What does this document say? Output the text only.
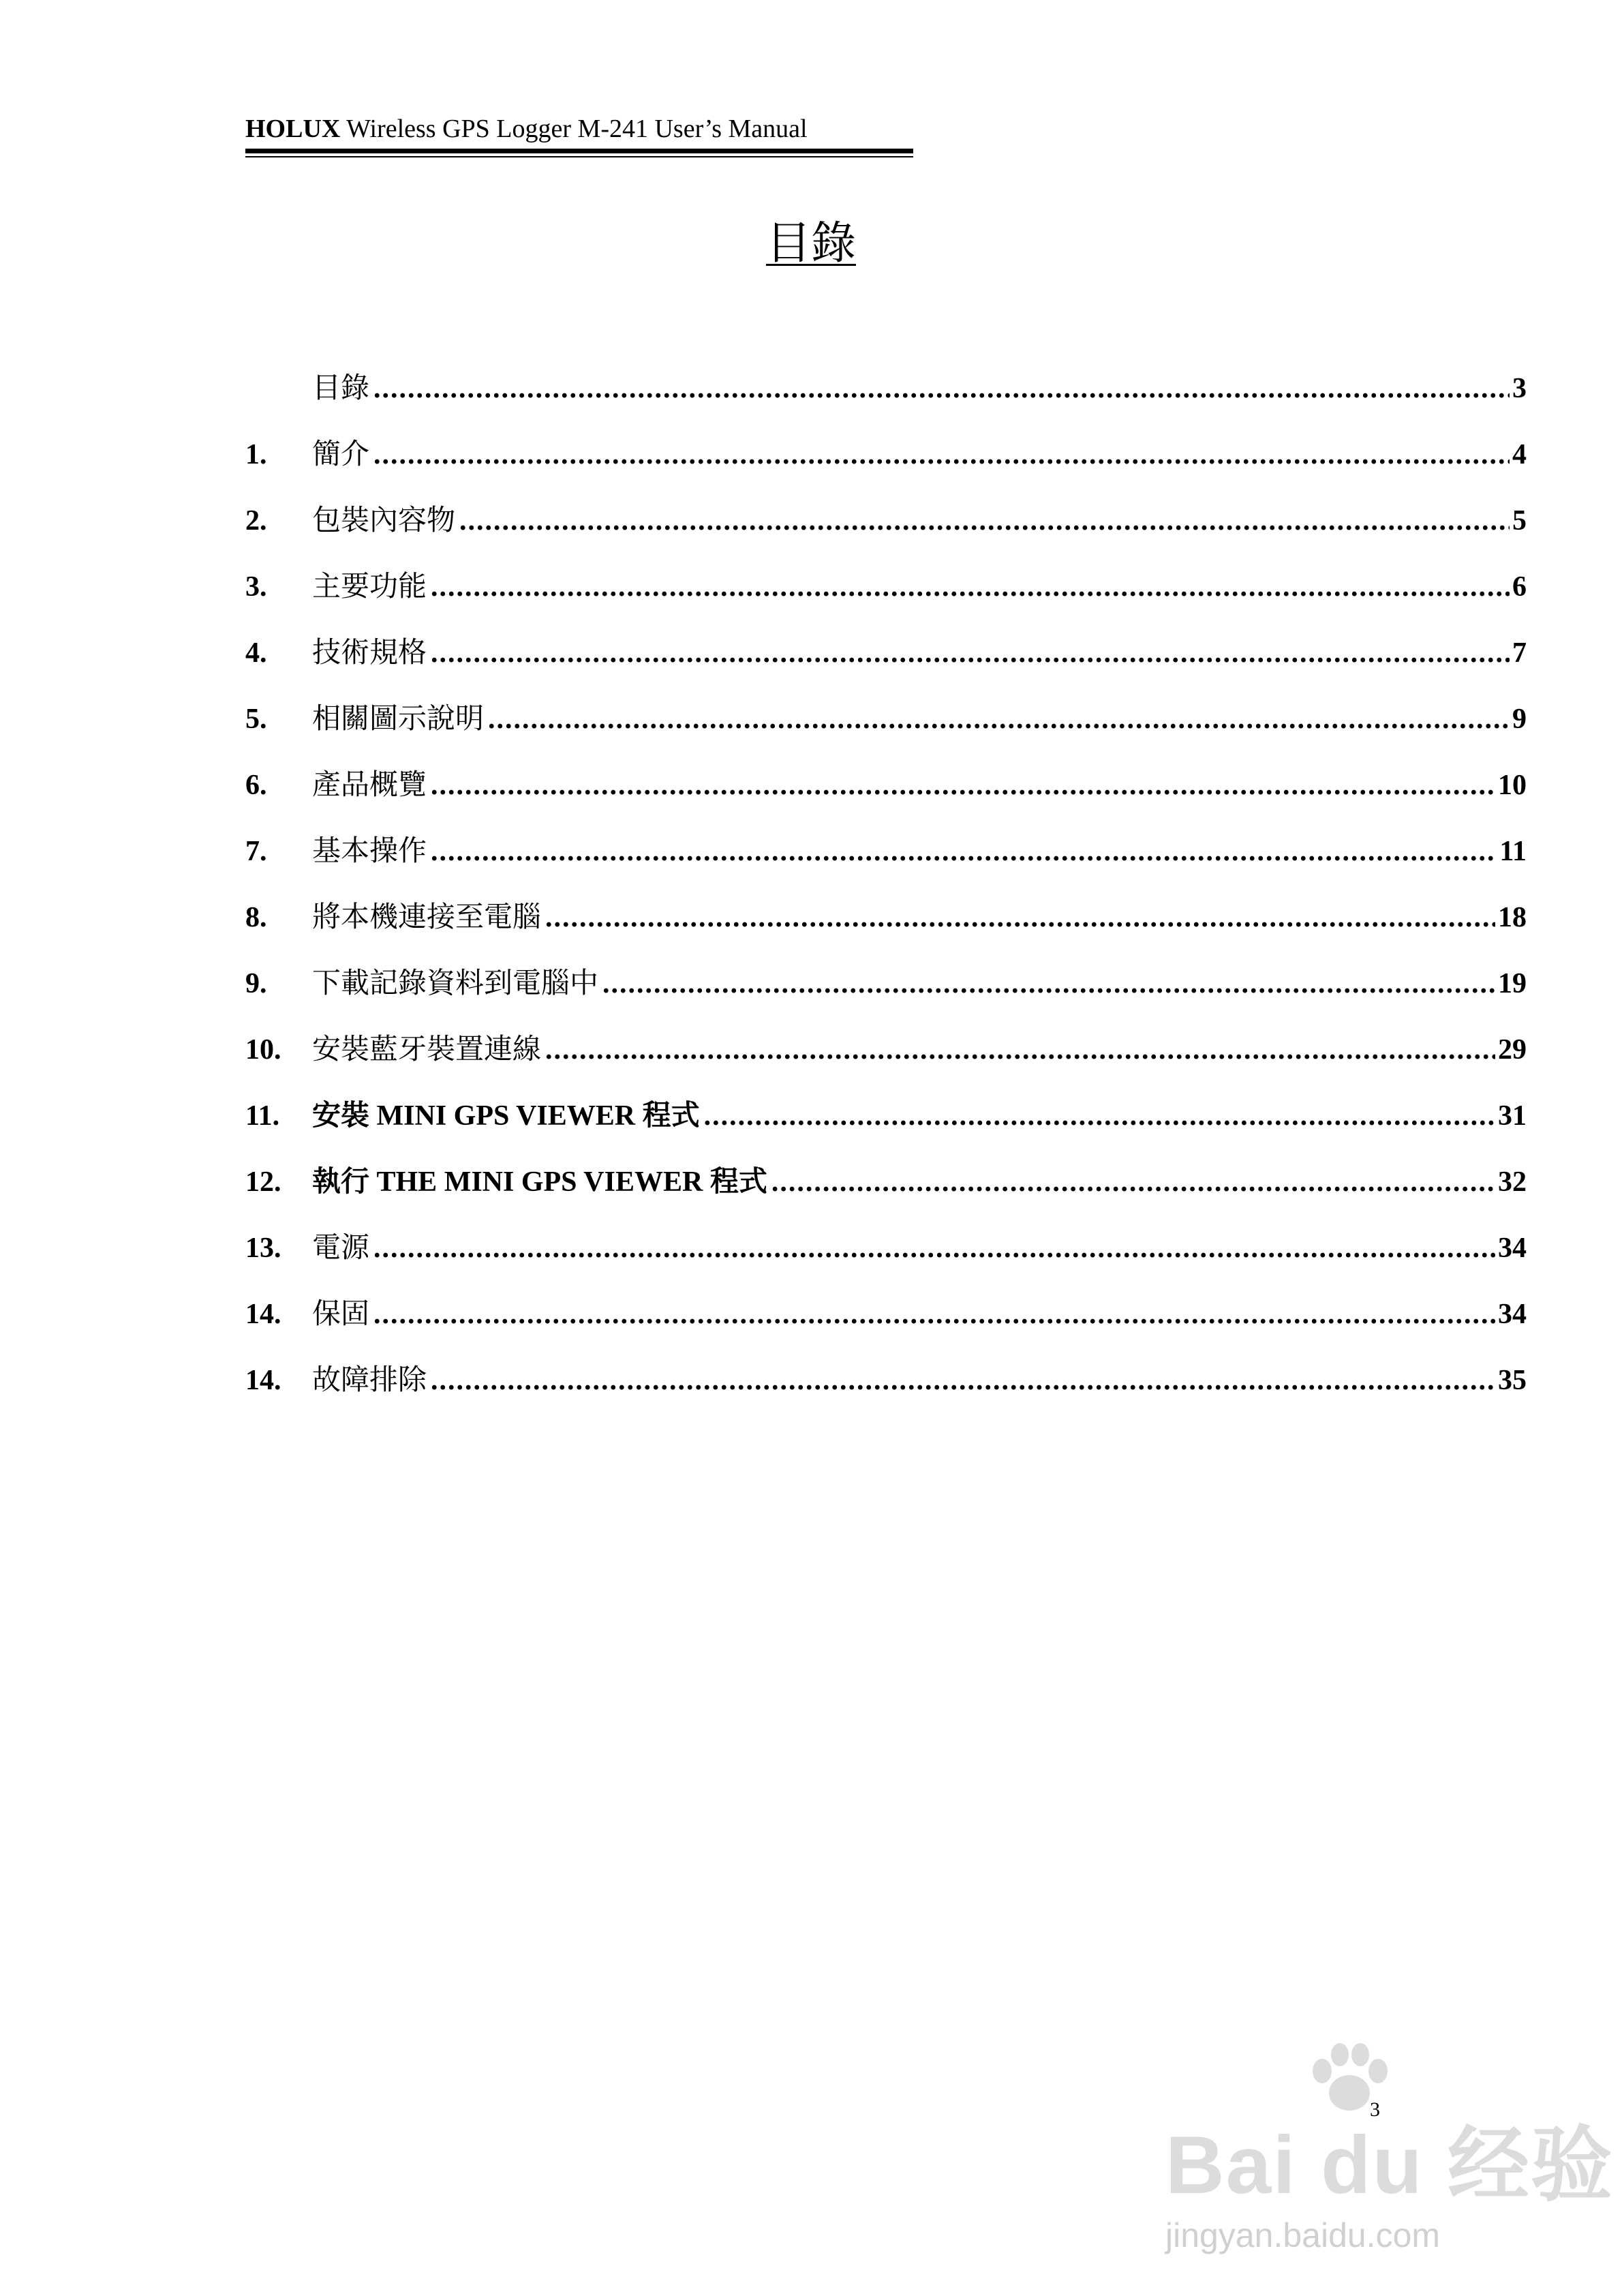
HOLUX Wireless GPS Logger M-241 User’s Manual
目錄
目錄 .....	3
1.	簡介 .....	4
2.	包裝內容物 .....	5
3.	主要功能 .....	6
4.	技術規格 .....	7
5.	相關圖示說明 .....	9
6.	產品概覽 .....	10
7.	基本操作 .....	11
8.	將本機連接至電腦 .....	18
9.	下載記錄資料到電腦中 .....	19
10.	安裝藍牙裝置連線 .....	29
11.	安裝 MINI GPS VIEWER 程式 .....	31
12.	執行 THE MINI GPS VIEWER 程式 .....	32
13.	電源 .....	34
14.	保固 .....	34
14.	故障排除 .....	35
3
Bai du 经验
jingyan.baidu.com
